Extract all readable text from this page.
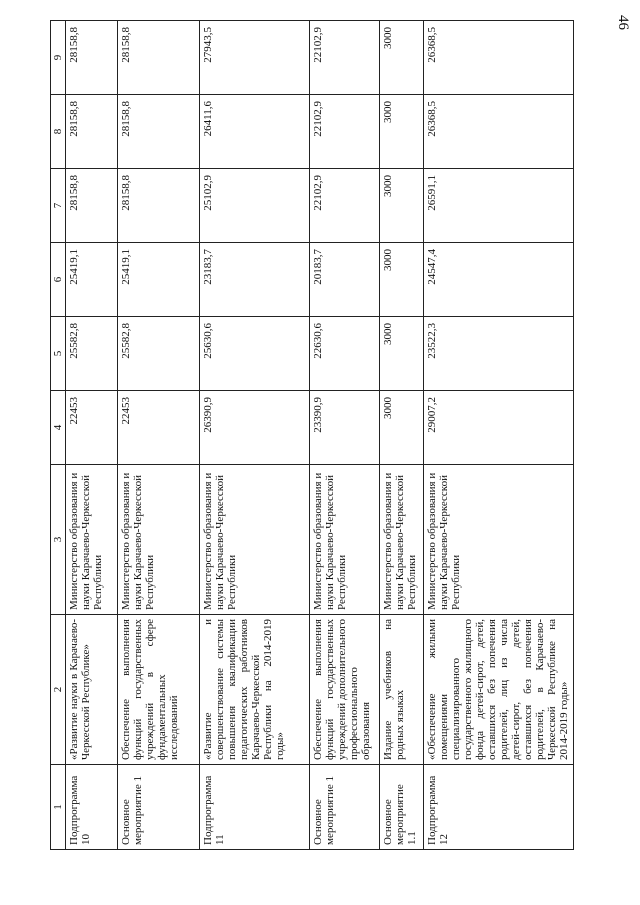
46
1	2	3	4	5	6	7	8	9
Подпрограмма 10	«Развитие науки в Карачаево-Черкесской Республике»	Министерство образования и науки Карачаево-Черкесской Республики	22453	25582,8	25419,1	28158,8	28158,8	28158,8
Основное мероприятие 1	Обеспечение выполнения функций государственных учреждений в сфере фундаментальных исследований	Министерство образования и науки Карачаево-Черкесской Республики	22453	25582,8	25419,1	28158,8	28158,8	28158,8
Подпрограмма 11	«Развитие и совершенствование системы повышения квалификации педагогических работников Карачаево-Черкесской Республики на 2014-2019 годы»	Министерство образования и науки Карачаево-Черкесской Республики	26390,9	25630,6	23183,7	25102,9	26411,6	27943,5
Основное мероприятие 1	Обеспечение выполнения функций государственных учреждений дополнительного профессионального образования	Министерство образования и науки Карачаево-Черкесской Республики	23390,9	22630,6	20183,7	22102,9	22102,9	22102,9
Основное мероприятие 1.1	Издание учебников на родных языках	Министерство образования и науки Карачаево-Черкесской Республики	3000	3000	3000	3000	3000	3000
Подпрограмма 12	«Обеспечение жилыми помещениями специализированного государственного жилищного фонда детей-сирот, детей, оставшихся без попечения родителей, лиц из числа детей-сирот, детей, оставшихся без попечения родителей, в Карачаево-Черкесской Республике на 2014-2019 годы»	Министерство образования и науки Карачаево-Черкесской Республики	29007,2	23522,3	24547,4	26591,1	26368,5	26368,5
